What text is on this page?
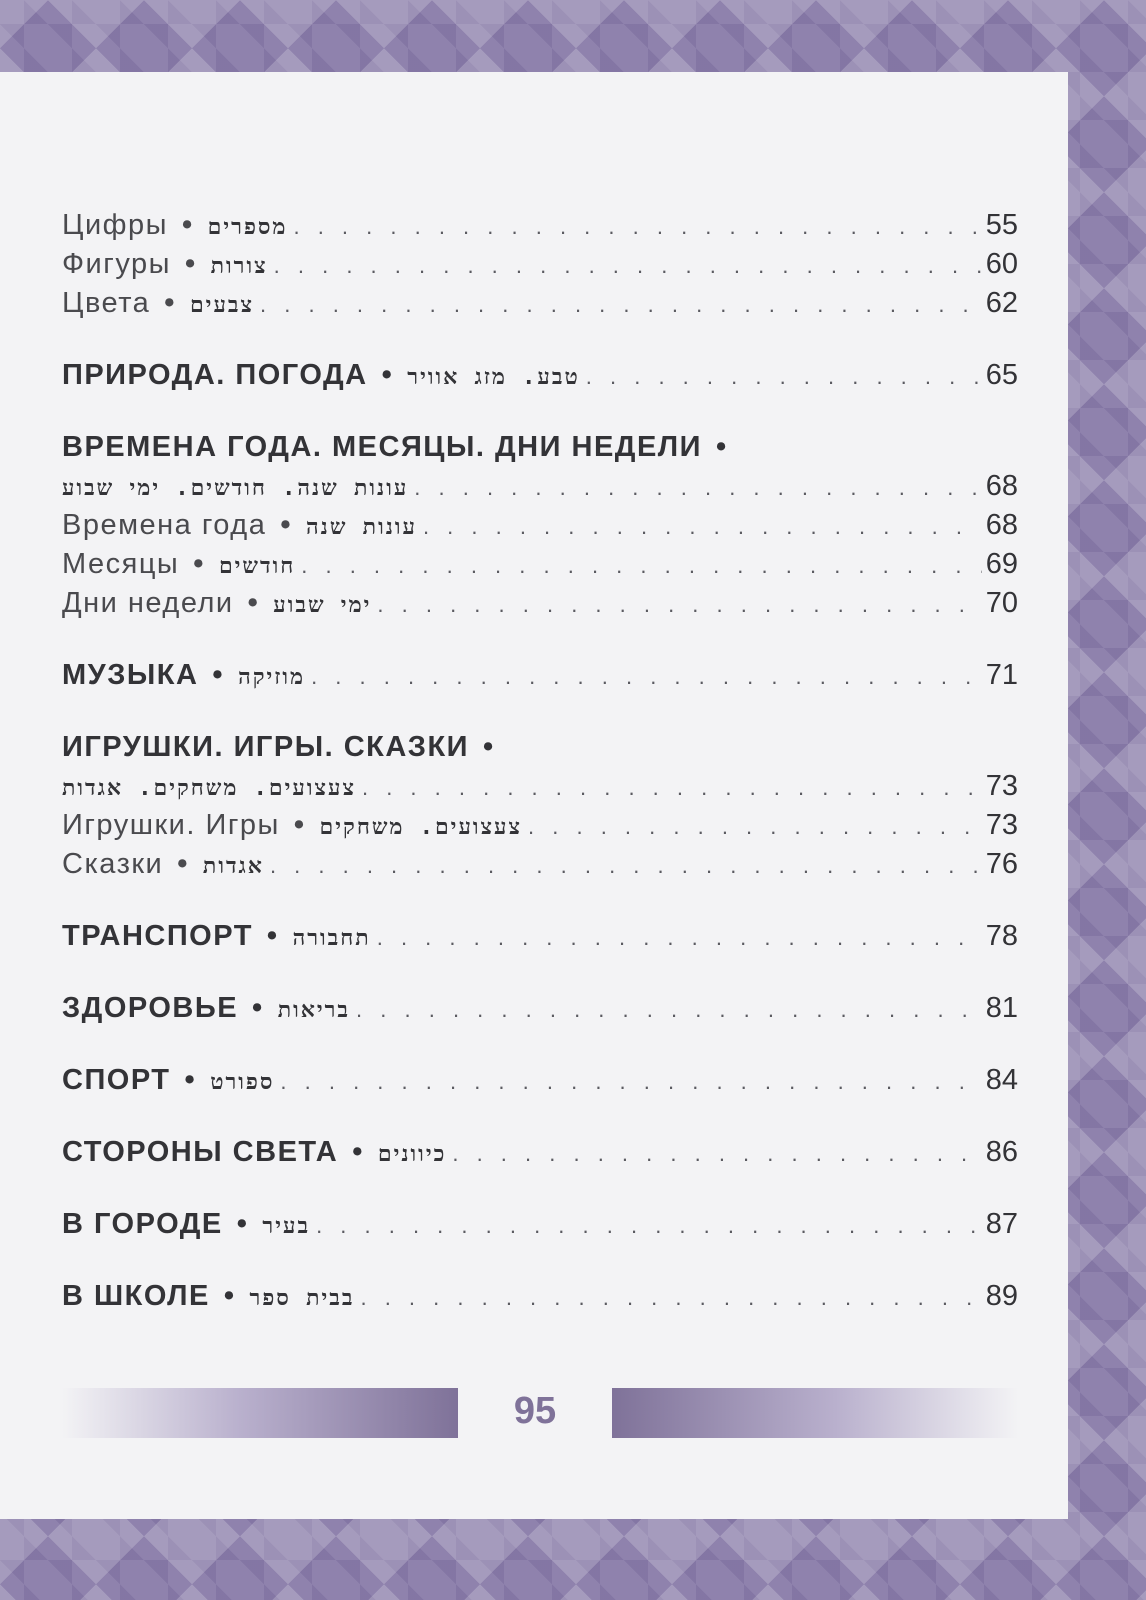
Цифры • מספרים . . .	55
Фигуры • צורות . . .	60
Цвета • צבעים . . .	62
ПРИРОДА. ПОГОДА • טבע. מזג אוויר . . .	65
ВРЕМЕНА ГОДА. МЕСЯЦЫ. ДНИ НЕДЕЛИ •
עונות שנה. חודשים. ימי שבוע . . .	68
Времена года • עונות שנה . . .	68
Месяцы • חודשים . . .	69
Дни недели • ימי שבוע . . .	70
МУЗЫКА • מוזיקה . . .	71
ИГРУШКИ. ИГРЫ. СКАЗКИ •
צעצועים. משחקים. אגדות . . .	73
Игрушки. Игры • צעצועים. משחקים . . .	73
Сказки • אגדות . . .	76
ТРАНСПОРТ • תחבורה . . .	78
ЗДОРОВЬЕ • בריאות . . .	81
СПОРТ • ספורט . . .	84
СТОРОНЫ СВЕТА • כיוונים . . .	86
В ГОРОДЕ • בעיר . . .	87
В ШКОЛЕ • בבית ספר . . .	89
95
